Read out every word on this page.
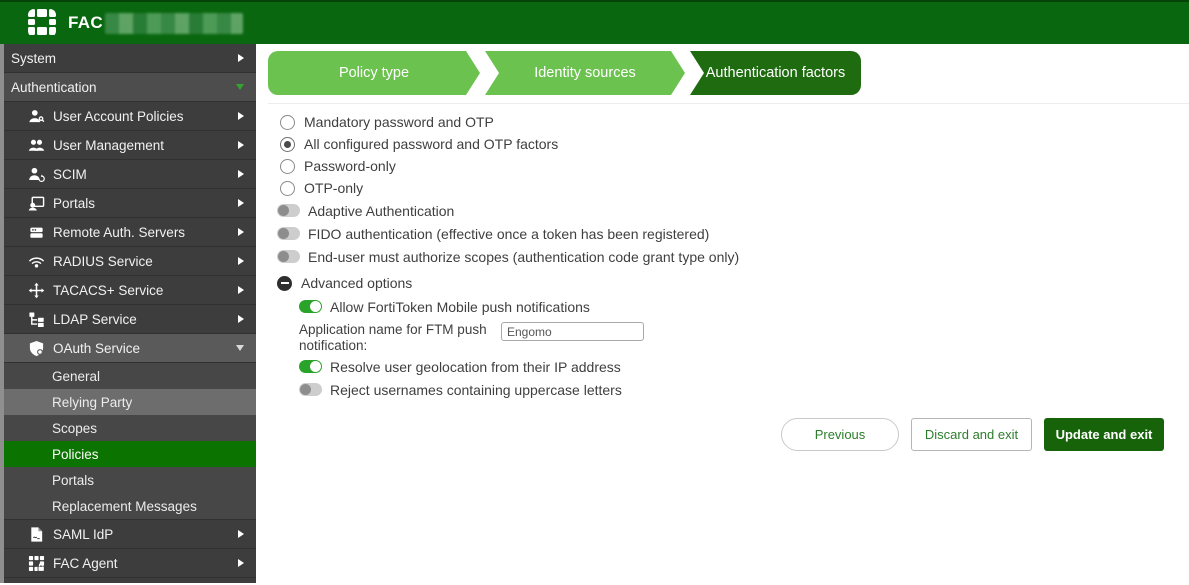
FAC
System
Authentication
User Account Policies
User Management
SCIM
Portals
Remote Auth. Servers
RADIUS Service
TACACS+ Service
LDAP Service
OAuth Service
General
Relying Party
Scopes
Policies
Portals
Replacement Messages
SAML IdP
FAC Agent
Policy type	Identity sources	Authentication factors
Mandatory password and OTP
All configured password and OTP factors
Password-only
OTP-only
Adaptive Authentication
FIDO authentication (effective once a token has been registered)
End-user must authorize scopes (authentication code grant type only)
Advanced options
Allow FortiToken Mobile push notifications
Application name for FTM push notification:
Engomo
Resolve user geolocation from their IP address
Reject usernames containing uppercase letters
Previous	Discard and exit	Update and exit
